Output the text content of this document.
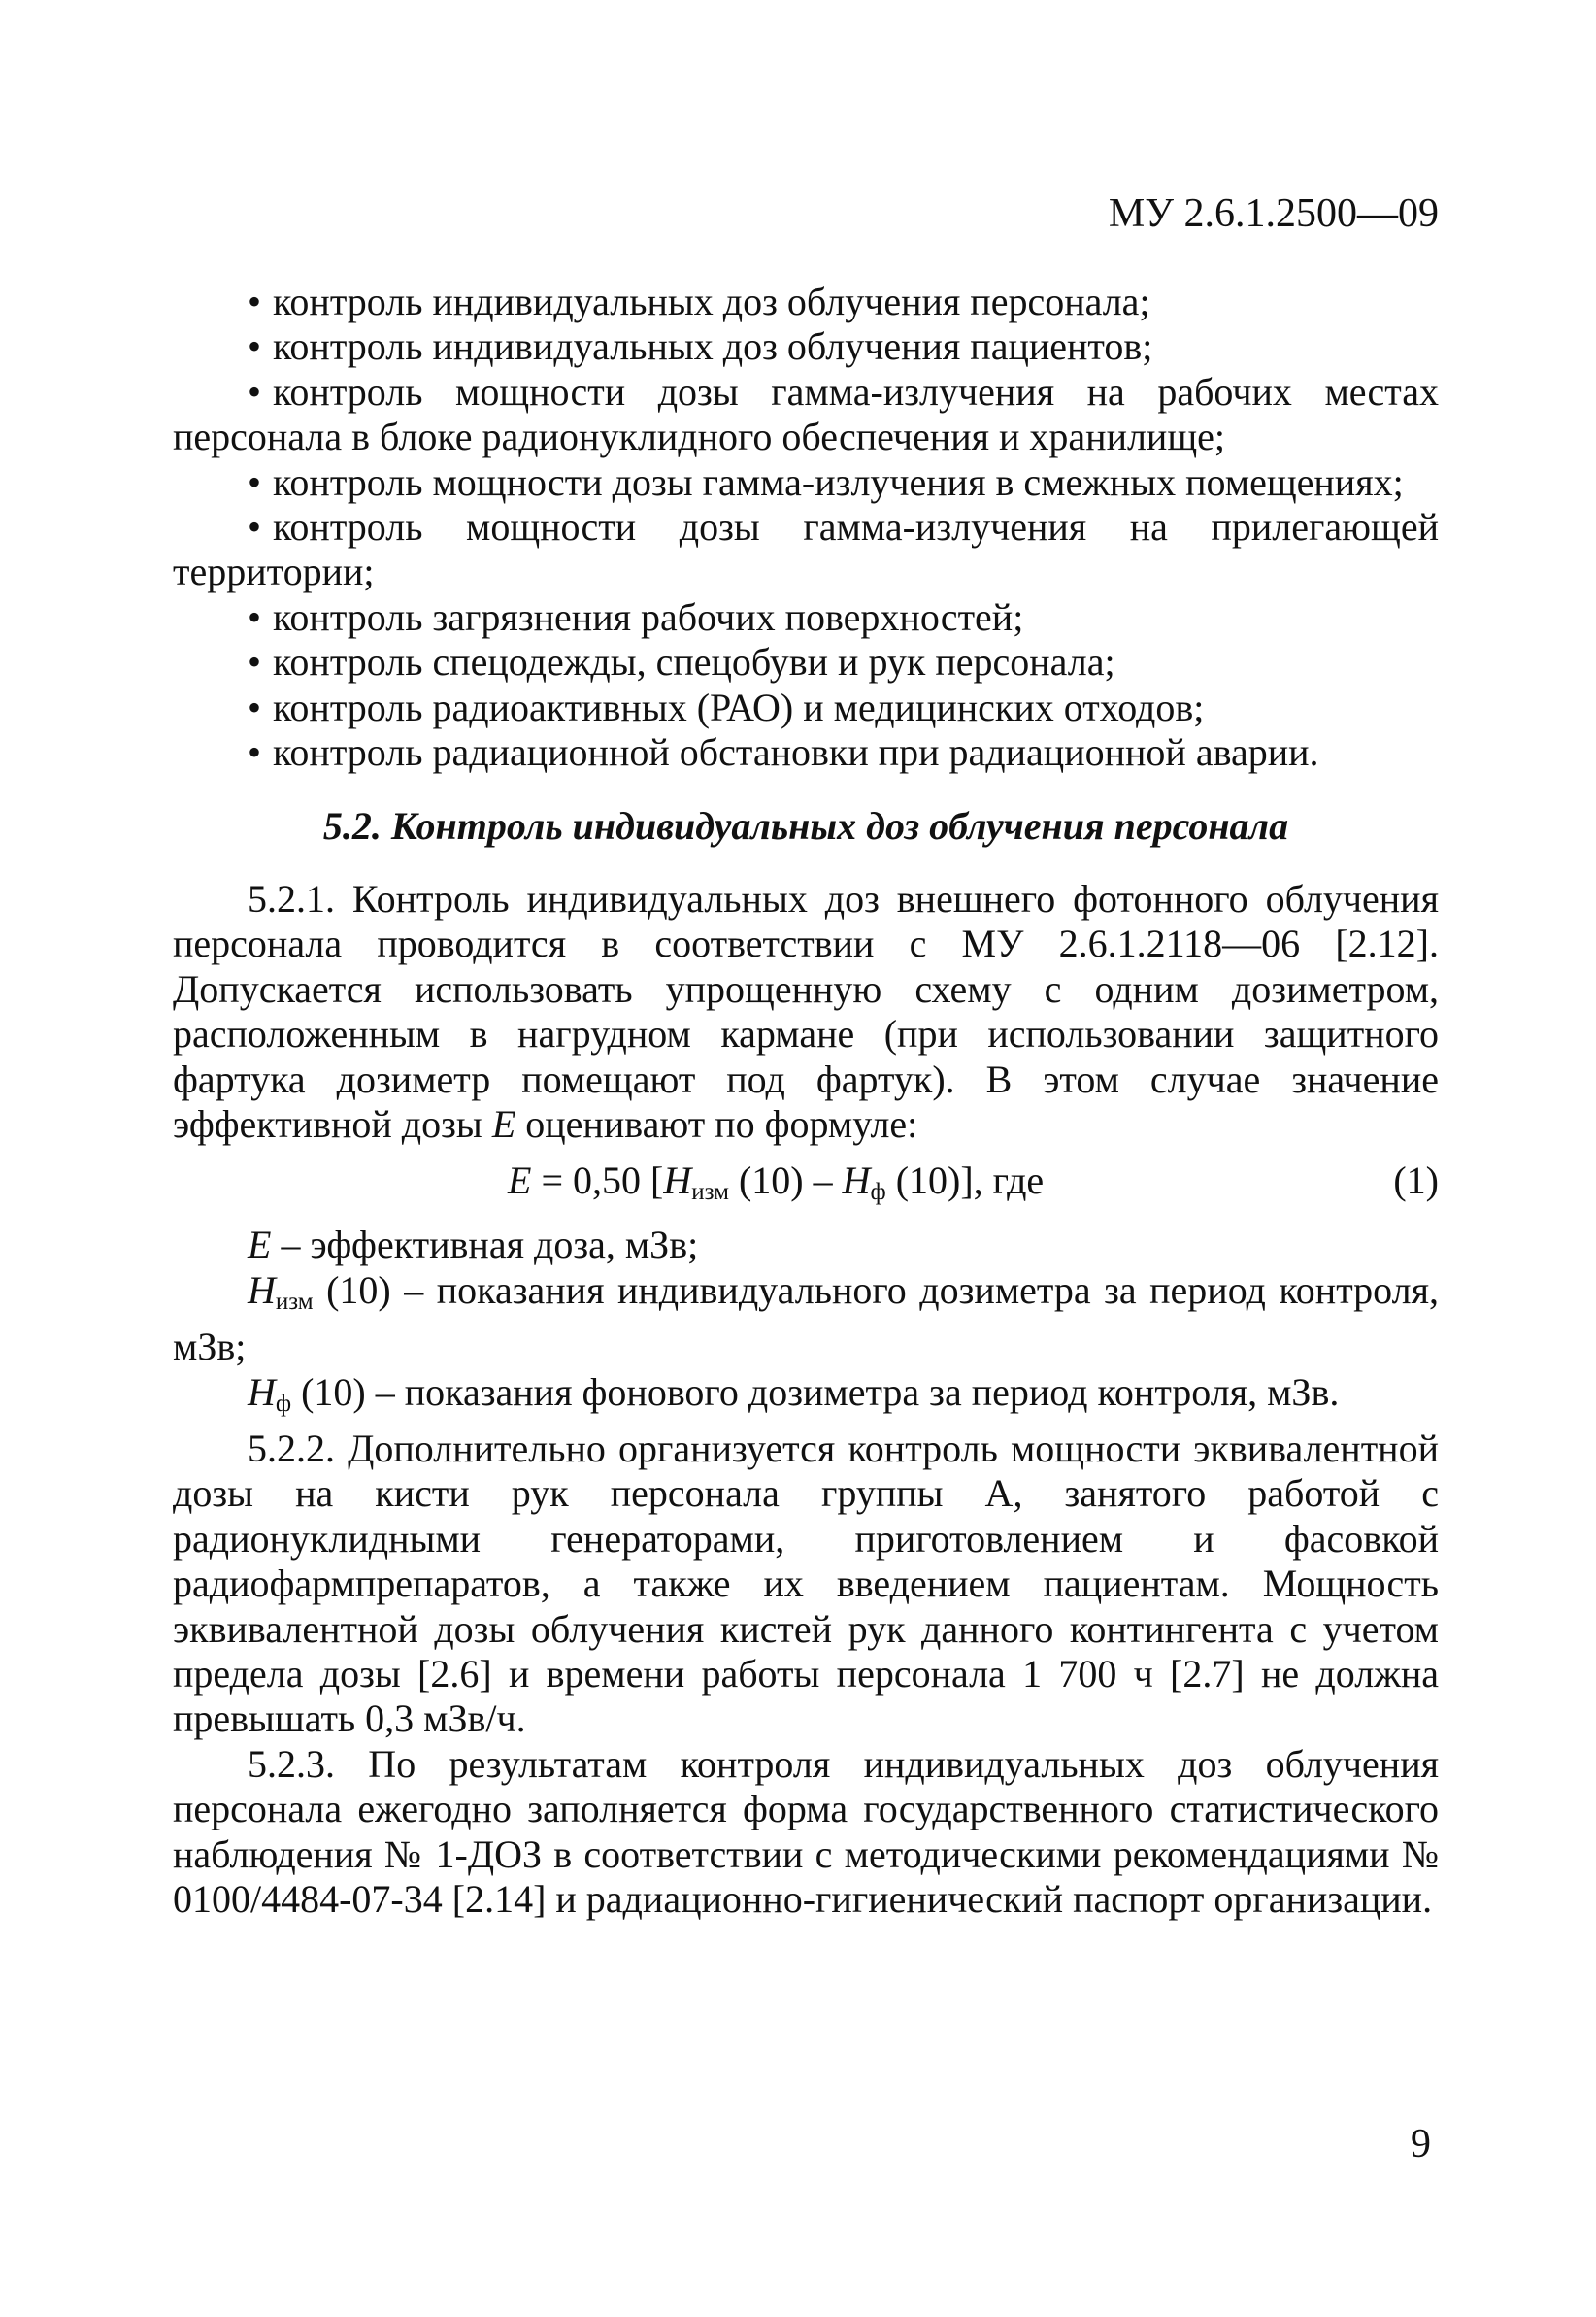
МУ 2.6.1.2500—09
• контроль индивидуальных доз облучения персонала;
• контроль индивидуальных доз облучения пациентов;
• контроль мощности дозы гамма-излучения на рабочих местах персонала в блоке радионуклидного обеспечения и хранилище;
• контроль мощности дозы гамма-излучения в смежных помещениях;
• контроль мощности дозы гамма-излучения на прилегающей территории;
• контроль загрязнения рабочих поверхностей;
• контроль спецодежды, спецобуви и рук персонала;
• контроль радиоактивных (РАО) и медицинских отходов;
• контроль радиационной обстановки при радиационной аварии.
5.2. Контроль индивидуальных доз облучения персонала

5.2.1. Контроль индивидуальных доз внешнего фотонного облучения персонала проводится в соответствии с МУ 2.6.1.2118—06 [2.12]. Допускается использовать упрощенную схему с одним дозиметром, расположенным в нагрудном кармане (при использовании защитного фартука дозиметр помещают под фартук). В этом случае значение эффективной дозы E оценивают по формуле:

E = 0,50 [$H_{изм}$ $(10) - H_ф$ (10)], где	(1)

E – эффективная доза, мЗв;

$H_{изм}$ (10) – показания индивидуального дозиметра за период контроля, мЗв;

$H_ф$ (10) – показания фонового дозиметра за период контроля, мЗв.

5.2.2. Дополнительно организуется контроль мощности эквивалентной дозы на кисти рук персонала группы А, занятого работой с радионуклидными генераторами, приготовлением и фасовкой радиофармпрепаратов, а также их введением пациентам. Мощность эквивалентной дозы облучения кистей рук данного контингента с учетом предела дозы [2.6] и времени работы персонала 1 700 ч [2.7] не должна превышать 0,3 мЗв/ч.

5.2.3. По результатам контроля индивидуальных доз облучения персонала ежегодно заполняется форма государственного статистического наблюдения № 1-ДОЗ в соответствии с методическими рекомендациями № 0100/4484-07-34 [2.14] и радиационно-гигиенический паспорт организации.

9
